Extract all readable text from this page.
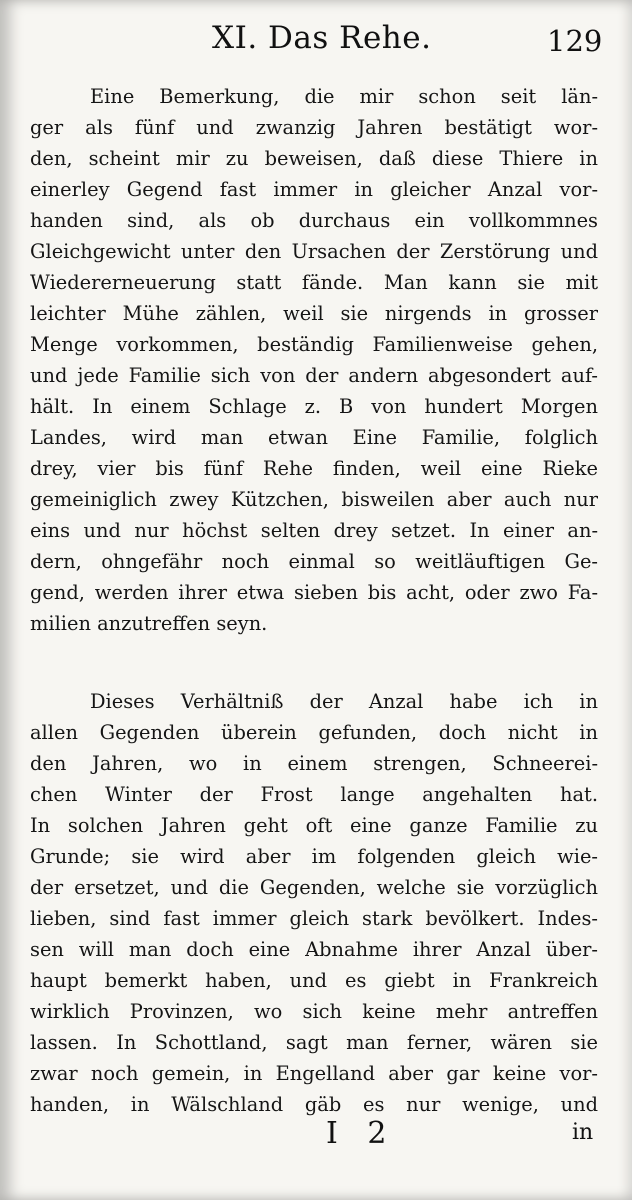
XI. Das Rehe.	129
Eine Bemerkung, die mir schon seit län-
ger als fünf und zwanzig Jahren bestätigt wor-
den, scheint mir zu beweisen, daß diese Thiere in
einerley Gegend fast immer in gleicher Anzal vor-
handen sind, als ob durchaus ein vollkommnes
Gleichgewicht unter den Ursachen der Zerstörung und
Wiedererneuerung statt fände. Man kann sie mit
leichter Mühe zählen, weil sie nirgends in grosser
Menge vorkommen, beständig Familienweise gehen,
und jede Familie sich von der andern abgesondert auf-
hält. In einem Schlage z. B von hundert Morgen
Landes, wird man etwan Eine Familie, folglich
drey, vier bis fünf Rehe finden, weil eine Rieke
gemeiniglich zwey Kützchen, bisweilen aber auch nur
eins und nur höchst selten drey setzet. In einer an-
dern, ohngefähr noch einmal so weitläuftigen Ge-
gend, werden ihrer etwa sieben bis acht, oder zwo Fa-
milien anzutreffen seyn.
Dieses Verhältniß der Anzal habe ich in
allen Gegenden überein gefunden, doch nicht in
den Jahren, wo in einem strengen, Schneerei-
chen Winter der Frost lange angehalten hat.
In solchen Jahren geht oft eine ganze Familie zu
Grunde; sie wird aber im folgenden gleich wie-
der ersetzet, und die Gegenden, welche sie vorzüglich
lieben, sind fast immer gleich stark bevölkert. Indes-
sen will man doch eine Abnahme ihrer Anzal über-
haupt bemerkt haben, und es giebt in Frankreich
wirklich Provinzen, wo sich keine mehr antreffen
lassen. In Schottland, sagt man ferner, wären sie
zwar noch gemein, in Engelland aber gar keine vor-
handen, in Wälschland gäb es nur wenige, und
I 2	in
